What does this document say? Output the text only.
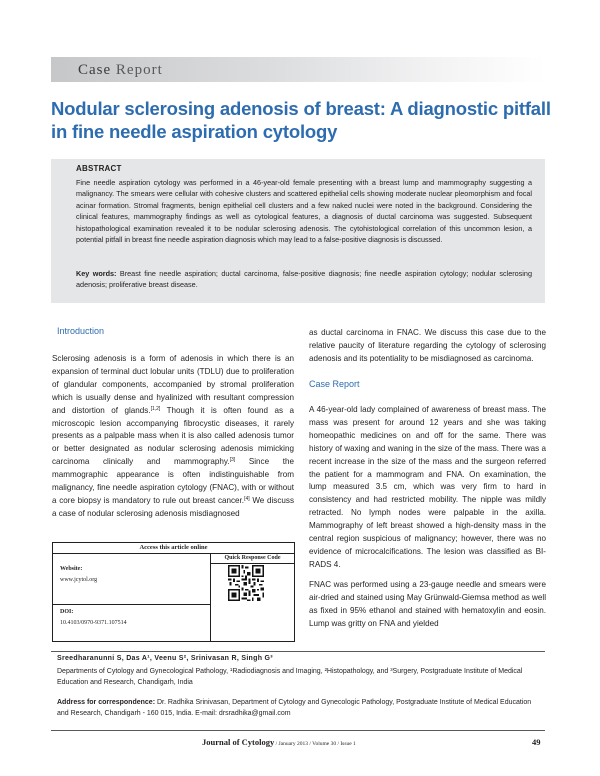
Case Report
Nodular sclerosing adenosis of breast: A diagnostic pitfall in fine needle aspiration cytology
ABSTRACT
Fine needle aspiration cytology was performed in a 46-year-old female presenting with a breast lump and mammography suggesting a malignancy. The smears were cellular with cohesive clusters and scattered epithelial cells showing moderate nuclear pleomorphism and focal acinar formation. Stromal fragments, benign epithelial cell clusters and a few naked nuclei were noted in the background. Considering the clinical features, mammography findings as well as cytological features, a diagnosis of ductal carcinoma was suggested. Subsequent histopathological examination revealed it to be nodular sclerosing adenosis. The cytohistological correlation of this uncommon lesion, a potential pitfall in breast fine needle aspiration diagnosis which may lead to a false-positive diagnosis is discussed.
Key words: Breast fine needle aspiration; ductal carcinoma, false-positive diagnosis; fine needle aspiration cytology; nodular sclerosing adenosis; proliferative breast disease.
Introduction

Sclerosing adenosis is a form of adenosis in which there is an expansion of terminal duct lobular units (TDLU) due to proliferation of glandular components, accompanied by stromal proliferation which is usually dense and hyalinized with resultant compression and distortion of glands.[1,2] Though it is often found as a microscopic lesion accompanying fibrocystic diseases, it rarely presents as a palpable mass when it is also called adenosis tumor or better designated as nodular sclerosing adenosis mimicking carcinoma clinically and mammography.[3] Since the mammographic appearance is often indistinguishable from malignancy, fine needle aspiration cytology (FNAC), with or without a core biopsy is mandatory to rule out breast cancer.[4] We discuss a case of nodular sclerosing adenosis misdiagnosed

as ductal carcinoma in FNAC. We discuss this case due to the relative paucity of literature regarding the cytology of sclerosing adenosis and its potentiality to be misdiagnosed as carcinoma.

Case Report

A 46-year-old lady complained of awareness of breast mass. The mass was present for around 12 years and she was taking homeopathic medicines on and off for the same. There was history of waxing and waning in the size of the mass. There was a recent increase in the size of the mass and the surgeon referred the patient for a mammogram and FNA. On examination, the lump measured 3.5 cm, which was very firm to hard in consistency and had restricted mobility. The nipple was mildly retracted. No lymph nodes were palpable in the axilla. Mammography of left breast showed a high-density mass in the central region suspicious of malignancy; however, there was no evidence of microcalcifications. The lesion was classified as BI-RADS 4.

FNAC was performed using a 23-gauge needle and smears were air-dried and stained using May Grünwald-Giemsa method as well as fixed in 95% ethanol and stained with hematoxylin and eosin. Lump was gritty on FNA and yielded

Access this article online
Website:
www.jcytol.org
DOI:
10.4103/0970-9371.107514
Quick Response Code
Sreedharanunni S, Das A¹, Veenu S², Srinivasan R, Singh G³
Departments of Cytology and Gynecological Pathology, ¹Radiodiagnosis and Imaging, ²Histopathology, and ³Surgery, Postgraduate Institute of Medical Education and Research, Chandigarh, India
Address for correspondence: Dr. Radhika Srinivasan, Department of Cytology and Gynecologic Pathology, Postgraduate Institute of Medical Education and Research, Chandigarh - 160 015, India. E-mail: drsradhika@gmail.com
Journal of Cytology / January 2013 / Volume 30 / Issue 1	49
